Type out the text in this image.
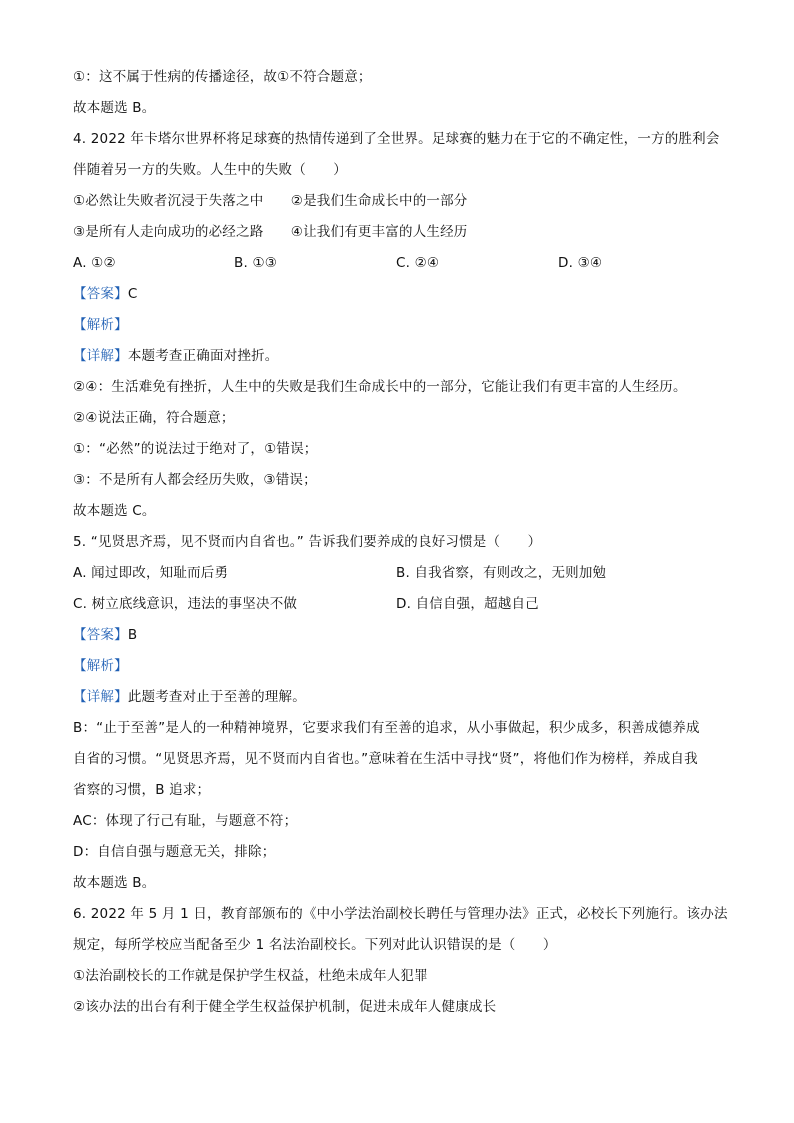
①：这不属于性病的传播途径，故①不符合题意；
故本题选 B。
4. 2022 年卡塔尔世界杯将足球赛的热情传递到了全世界。足球赛的魅力在于它的不确定性，一方的胜利会
伴随着另一方的失败。人生中的失败（　　）
①必然让失败者沉浸于失落之中　　②是我们生命成长中的一部分
③是所有人走向成功的必经之路　　④让我们有更丰富的人生经历
A. ①②	B. ①③	C. ②④	D. ③④
【答案】C
【解析】
【详解】本题考查正确面对挫折。
②④：生活难免有挫折，人生中的失败是我们生命成长中的一部分，它能让我们有更丰富的人生经历。
②④说法正确，符合题意；
①：“必然”的说法过于绝对了，①错误；
③：不是所有人都会经历失败，③错误；
故本题选 C。
5. “见贤思齐焉，见不贤而内自省也。” 告诉我们要养成的良好习惯是（　　）
A. 闻过即改，知耻而后勇	B. 自我省察，有则改之，无则加勉
C. 树立底线意识，违法的事坚决不做	D. 自信自强，超越自己
【答案】B
【解析】
【详解】此题考查对止于至善的理解。
B：“止于至善”是人的一种精神境界，它要求我们有至善的追求，从小事做起，积少成多，积善成德养成
自省的习惯。“见贤思齐焉，见不贤而内自省也。”意味着在生活中寻找“贤”，将他们作为榜样，养成自我
省察的习惯，B 追求；
AC：体现了行己有耻，与题意不符；
D：自信自强与题意无关，排除；
故本题选 B。
6. 2022 年 5 月 1 日，教育部颁布的《中小学法治副校长聘任与管理办法》正式，必校长下列施行。该办法
规定，每所学校应当配备至少 1 名法治副校长。下列对此认识错误的是（　　）
①法治副校长的工作就是保护学生权益，杜绝未成年人犯罪
②该办法的出台有利于健全学生权益保护机制，促进未成年人健康成长
